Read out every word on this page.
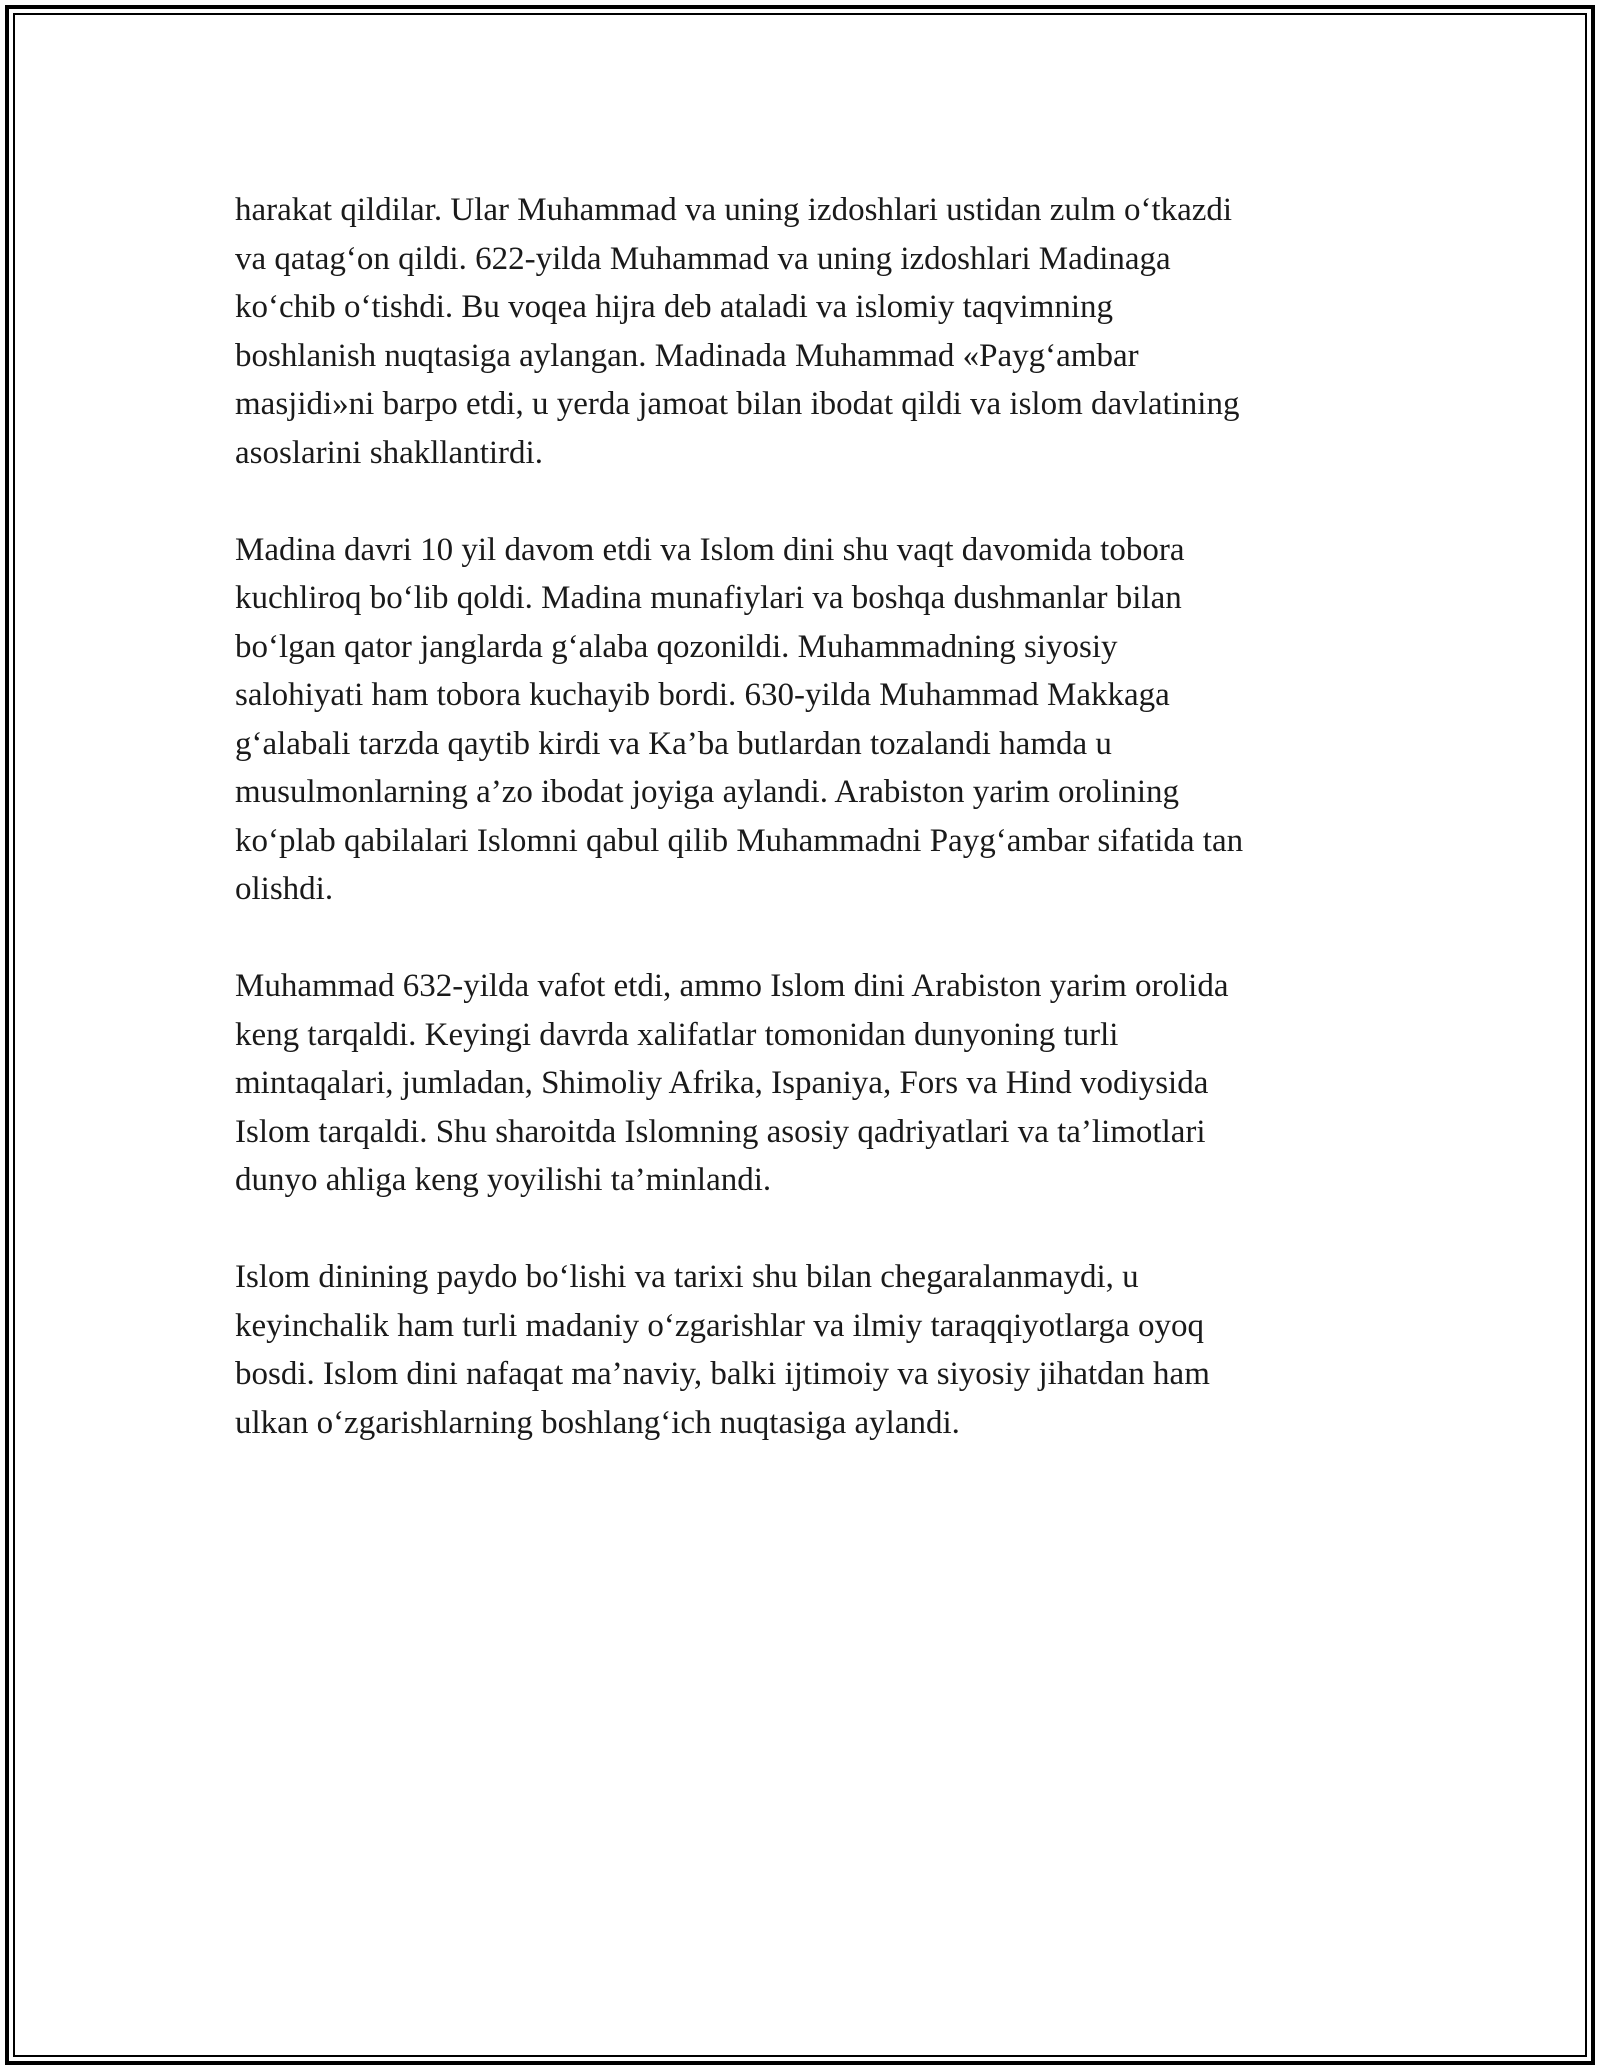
harakat qildilar. Ular Muhammad va uning izdoshlari ustidan zulm o‘tkazdi
va qatag‘on qildi. 622-yilda Muhammad va uning izdoshlari Madinaga
ko‘chib o‘tishdi. Bu voqea hijra deb ataladi va islomiy taqvimning
boshlanish nuqtasiga aylangan. Madinada Muhammad «Payg‘ambar
masjidi»ni barpo etdi, u yerda jamoat bilan ibodat qildi va islom davlatining
asoslarini shakllantirdi.

Madina davri 10 yil davom etdi va Islom dini shu vaqt davomida tobora
kuchliroq bo‘lib qoldi. Madina munafiylari va boshqa dushmanlar bilan
bo‘lgan qator janglarda g‘alaba qozonildi. Muhammadning siyosiy
salohiyati ham tobora kuchayib bordi. 630-yilda Muhammad Makkaga
g‘alabali tarzda qaytib kirdi va Ka’ba butlardan tozalandi hamda u
musulmonlarning a’zo ibodat joyiga aylandi. Arabiston yarim orolining
ko‘plab qabilalari Islomni qabul qilib Muhammadni Payg‘ambar sifatida tan
olishdi.

Muhammad 632-yilda vafot etdi, ammo Islom dini Arabiston yarim orolida
keng tarqaldi. Keyingi davrda xalifatlar tomonidan dunyoning turli
mintaqalari, jumladan, Shimoliy Afrika, Ispaniya, Fors va Hind vodiysida
Islom tarqaldi. Shu sharoitda Islomning asosiy qadriyatlari va ta’limotlari
dunyo ahliga keng yoyilishi ta’minlandi.

Islom dinining paydo bo‘lishi va tarixi shu bilan chegaralanmaydi, u
keyinchalik ham turli madaniy o‘zgarishlar va ilmiy taraqqiyotlarga oyoq
bosdi. Islom dini nafaqat ma’naviy, balki ijtimoiy va siyosiy jihatdan ham
ulkan o‘zgarishlarning boshlang‘ich nuqtasiga aylandi.
